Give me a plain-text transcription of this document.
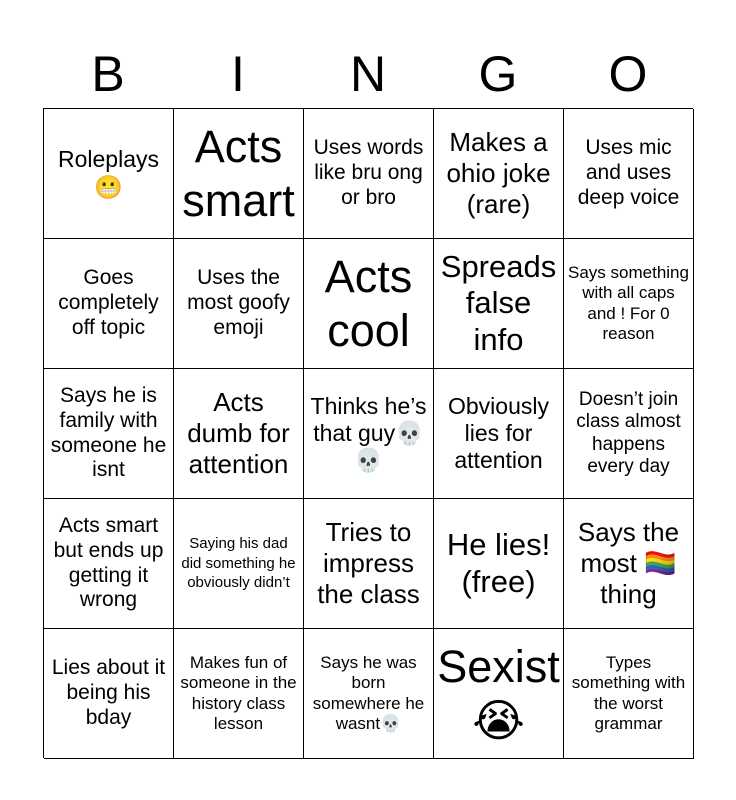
B	I	N	G	O
Roleplays 😬
Acts smart
Uses words like bru ong or bro
Makes a ohio joke (rare)
Uses mic and uses deep voice
Goes completely off topic
Uses the most goofy emoji
Acts cool
Spreads false info
Says something with all caps and ! For 0 reason
Says he is family with someone he isnt
Acts dumb for attention
Thinks he’s that guy💀💀
Obviously lies for attention
Doesn’t join class almost happens every day
Acts smart but ends up getting it wrong
Saying his dad did something he obviously didn’t
Tries to impress the class
He lies! (free)
Says the most 🏳️‍🌈 thing
Lies about it being his bday
Makes fun of someone in the history class lesson
Says he was born somewhere he wasnt💀
Sexist 😭
Types something with the worst grammar
